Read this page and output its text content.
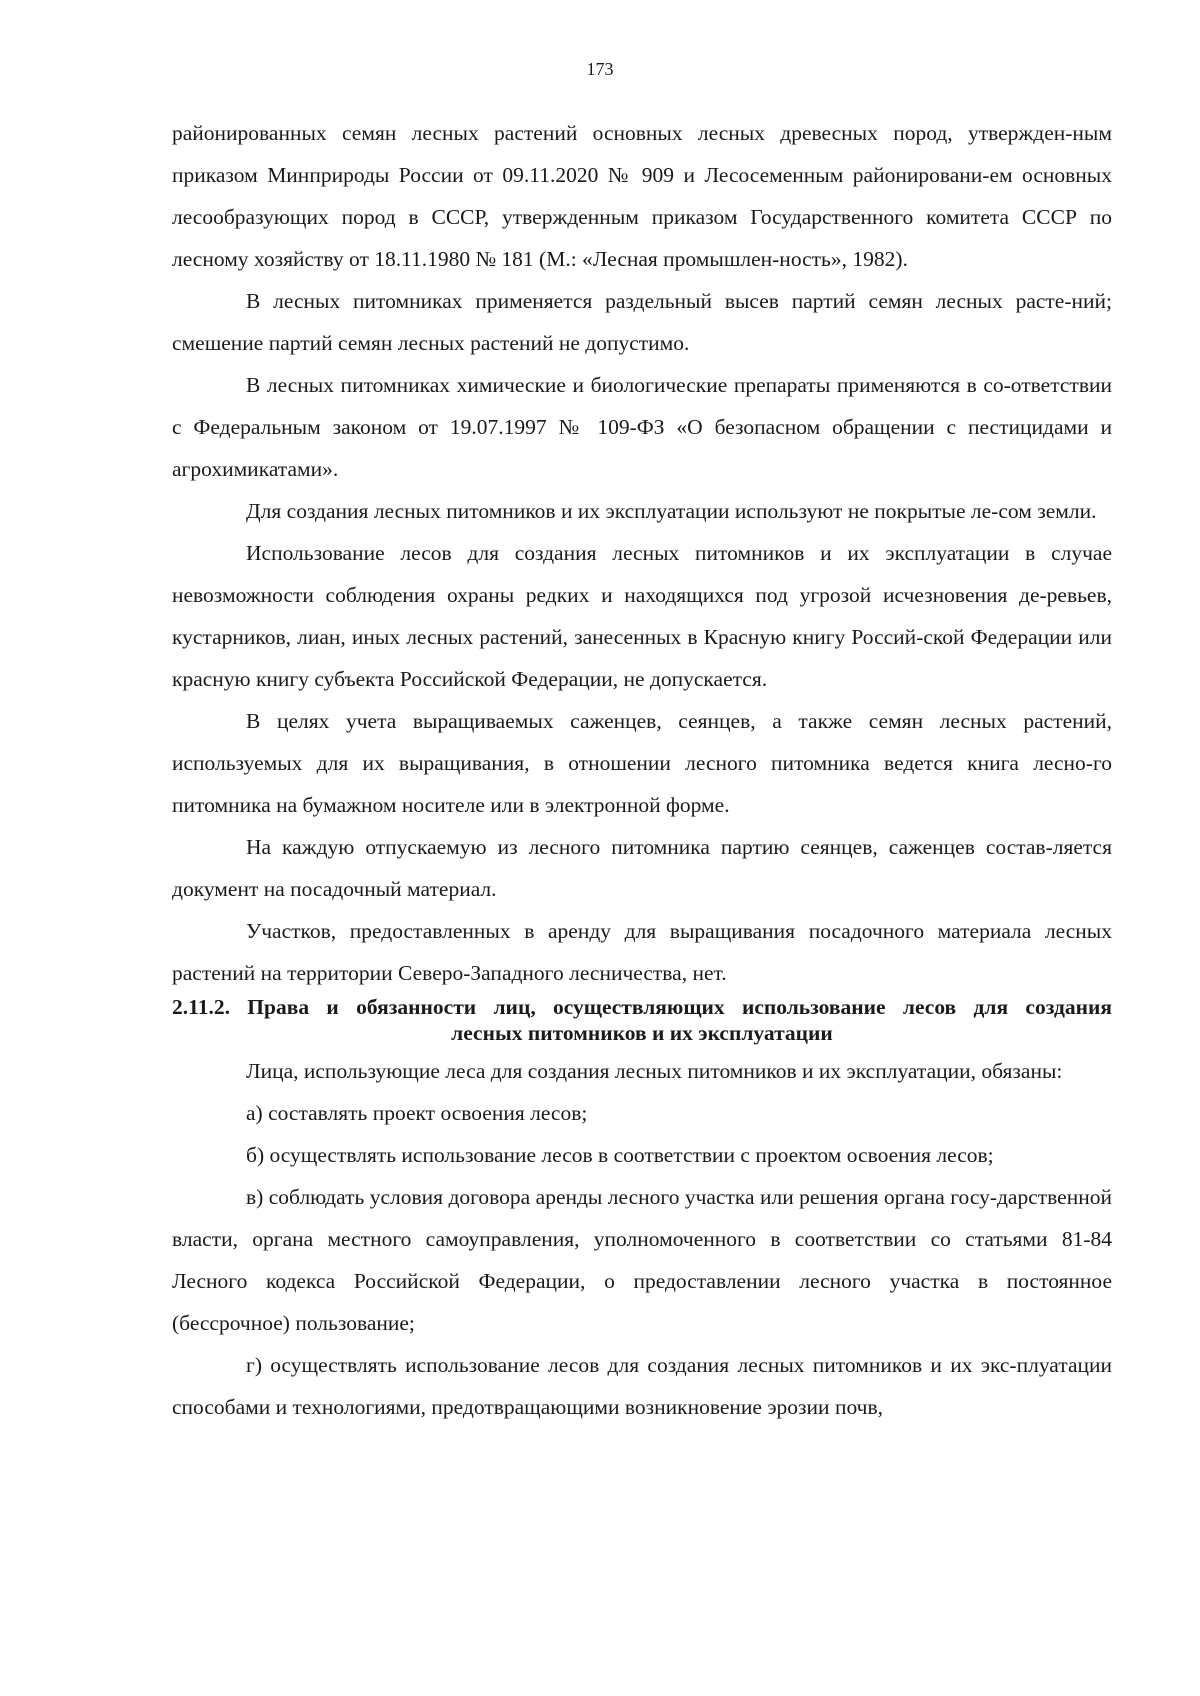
173

районированных семян лесных растений основных лесных древесных пород, утвержден-ным приказом Минприроды России от 09.11.2020 № 909 и Лесосеменным районировани-ем основных лесообразующих пород в СССР, утвержденным приказом Государственного комитета СССР по лесному хозяйству от 18.11.1980 № 181 (М.: «Лесная промышлен-ность», 1982).

В лесных питомниках применяется раздельный высев партий семян лесных расте-ний; смешение партий семян лесных растений не допустимо.

В лесных питомниках химические и биологические препараты применяются в со-ответствии с Федеральным законом от 19.07.1997 № 109-ФЗ «О безопасном обращении с пестицидами и агрохимикатами».

Для создания лесных питомников и их эксплуатации используют не покрытые ле-сом земли.

Использование лесов для создания лесных питомников и их эксплуатации в случае невозможности соблюдения охраны редких и находящихся под угрозой исчезновения де-ревьев, кустарников, лиан, иных лесных растений, занесенных в Красную книгу Россий-ской Федерации или красную книгу субъекта Российской Федерации, не допускается.

В целях учета выращиваемых саженцев, сеянцев, а также семян лесных растений, используемых для их выращивания, в отношении лесного питомника ведется книга лесно-го питомника на бумажном носителе или в электронной форме.

На каждую отпускаемую из лесного питомника партию сеянцев, саженцев состав-ляется документ на посадочный материал.

Участков, предоставленных в аренду для выращивания посадочного материала лесных растений на территории Северо-Западного лесничества, нет.

2.11.2. Права и обязанности лиц, осуществляющих использование лесов для создания
лесных питомников и их эксплуатации

Лица, использующие леса для создания лесных питомников и их эксплуатации, обязаны:

а) составлять проект освоения лесов;

б) осуществлять использование лесов в соответствии с проектом освоения лесов;

в) соблюдать условия договора аренды лесного участка или решения органа госу-дарственной власти, органа местного самоуправления, уполномоченного в соответствии со статьями 81-84 Лесного кодекса Российской Федерации, о предоставлении лесного участка в постоянное (бессрочное) пользование;

г) осуществлять использование лесов для создания лесных питомников и их экс-плуатации способами и технологиями, предотвращающими возникновение эрозии почв,
